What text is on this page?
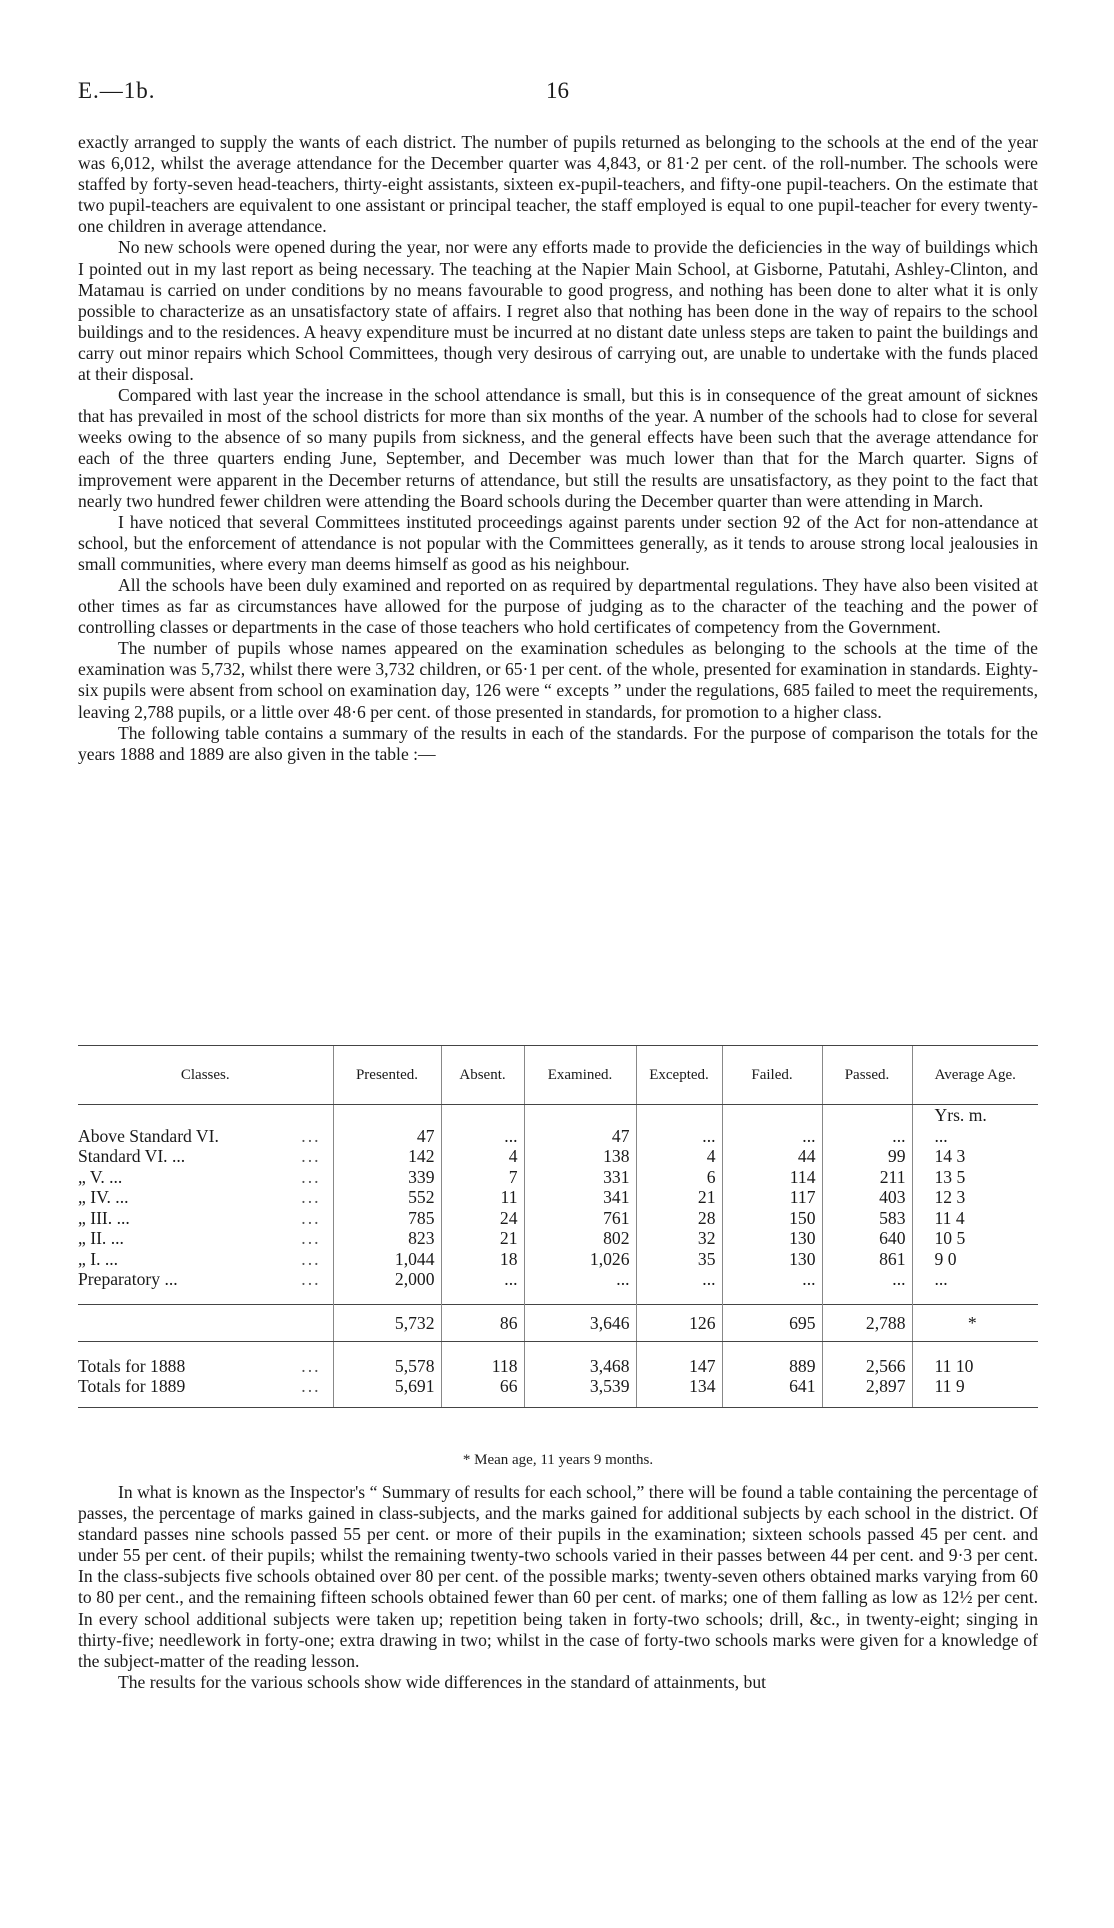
E.—1b.	16

exactly arranged to supply the wants of each district. The number of pupils returned as belonging to the schools at the end of the year was 6,012, whilst the average attendance for the December quarter was 4,843, or 81·2 per cent. of the roll-number. The schools were staffed by forty-seven head-teachers, thirty-eight assistants, sixteen ex-pupil-teachers, and fifty-one pupil-teachers. On the estimate that two pupil-teachers are equivalent to one assistant or principal teacher, the staff employed is equal to one pupil-teacher for every twenty-one children in average attendance.

No new schools were opened during the year, nor were any efforts made to provide the deficiencies in the way of buildings which I pointed out in my last report as being necessary. The teaching at the Napier Main School, at Gisborne, Patutahi, Ashley-Clinton, and Matamau is carried on under conditions by no means favourable to good progress, and nothing has been done to alter what it is only possible to characterize as an unsatisfactory state of affairs. I regret also that nothing has been done in the way of repairs to the school buildings and to the residences. A heavy expenditure must be incurred at no distant date unless steps are taken to paint the buildings and carry out minor repairs which School Committees, though very desirous of carrying out, are unable to undertake with the funds placed at their disposal.

Compared with last year the increase in the school attendance is small, but this is in consequence of the great amount of sicknes that has prevailed in most of the school districts for more than six months of the year. A number of the schools had to close for several weeks owing to the absence of so many pupils from sickness, and the general effects have been such that the average attendance for each of the three quarters ending June, September, and December was much lower than that for the March quarter. Signs of improvement were apparent in the December returns of attendance, but still the results are unsatisfactory, as they point to the fact that nearly two hundred fewer children were attending the Board schools during the December quarter than were attending in March.

I have noticed that several Committees instituted proceedings against parents under section 92 of the Act for non-attendance at school, but the enforcement of attendance is not popular with the Committees generally, as it tends to arouse strong local jealousies in small communities, where every man deems himself as good as his neighbour.

All the schools have been duly examined and reported on as required by departmental regulations. They have also been visited at other times as far as circumstances have allowed for the purpose of judging as to the character of the teaching and the power of controlling classes or departments in the case of those teachers who hold certificates of competency from the Government.

The number of pupils whose names appeared on the examination schedules as belonging to the schools at the time of the examination was 5,732, whilst there were 3,732 children, or 65·1 per cent. of the whole, presented for examination in standards. Eighty-six pupils were absent from school on examination day, 126 were “ excepts ” under the regulations, 685 failed to meet the requirements, leaving 2,788 pupils, or a little over 48·6 per cent. of those presented in standards, for promotion to a higher class.

The following table contains a summary of the results in each of the standards. For the purpose of comparison the totals for the years 1888 and 1889 are also given in the table :—

Classes.	Presented.	Absent.	Examined.	Excepted.	Failed.	Passed.	Average Age.
							Yrs. m.
Above Standard VI. ...	47	...	47	...	...	...	...
Standard VI. ... ...	142	4	138	4	44	99	14 3
„ V. ... ...	339	7	331	6	114	211	13 5
„ IV. ... ...	552	11	341	21	117	403	12 3
„ III. ... ...	785	24	761	28	150	583	11 4
„ II. ... ...	823	21	802	32	130	640	10 5
„ I. ... ...	1,044	18	1,026	35	130	861	9 0
Preparatory ... ...	2,000	...	...	...	...	...	...

	5,732	86	3,646	126	695	2,788	*

Totals for 1888 ...	5,578	118	3,468	147	889	2,566	11 10
Totals for 1889 ...	5,691	66	3,539	134	641	2,897	11 9

* Mean age, 11 years 9 months.

In what is known as the Inspector's “ Summary of results for each school,” there will be found a table containing the percentage of passes, the percentage of marks gained in class-subjects, and the marks gained for additional subjects by each school in the district. Of standard passes nine schools passed 55 per cent. or more of their pupils in the examination; sixteen schools passed 45 per cent. and under 55 per cent. of their pupils; whilst the remaining twenty-two schools varied in their passes between 44 per cent. and 9·3 per cent. In the class-subjects five schools obtained over 80 per cent. of the possible marks; twenty-seven others obtained marks varying from 60 to 80 per cent., and the remaining fifteen schools obtained fewer than 60 per cent. of marks; one of them falling as low as 12½ per cent. In every school additional subjects were taken up; repetition being taken in forty-two schools; drill, &c., in twenty-eight; singing in thirty-five; needlework in forty-one; extra drawing in two; whilst in the case of forty-two schools marks were given for a knowledge of the subject-matter of the reading lesson.

The results for the various schools show wide differences in the standard of attainments, but
